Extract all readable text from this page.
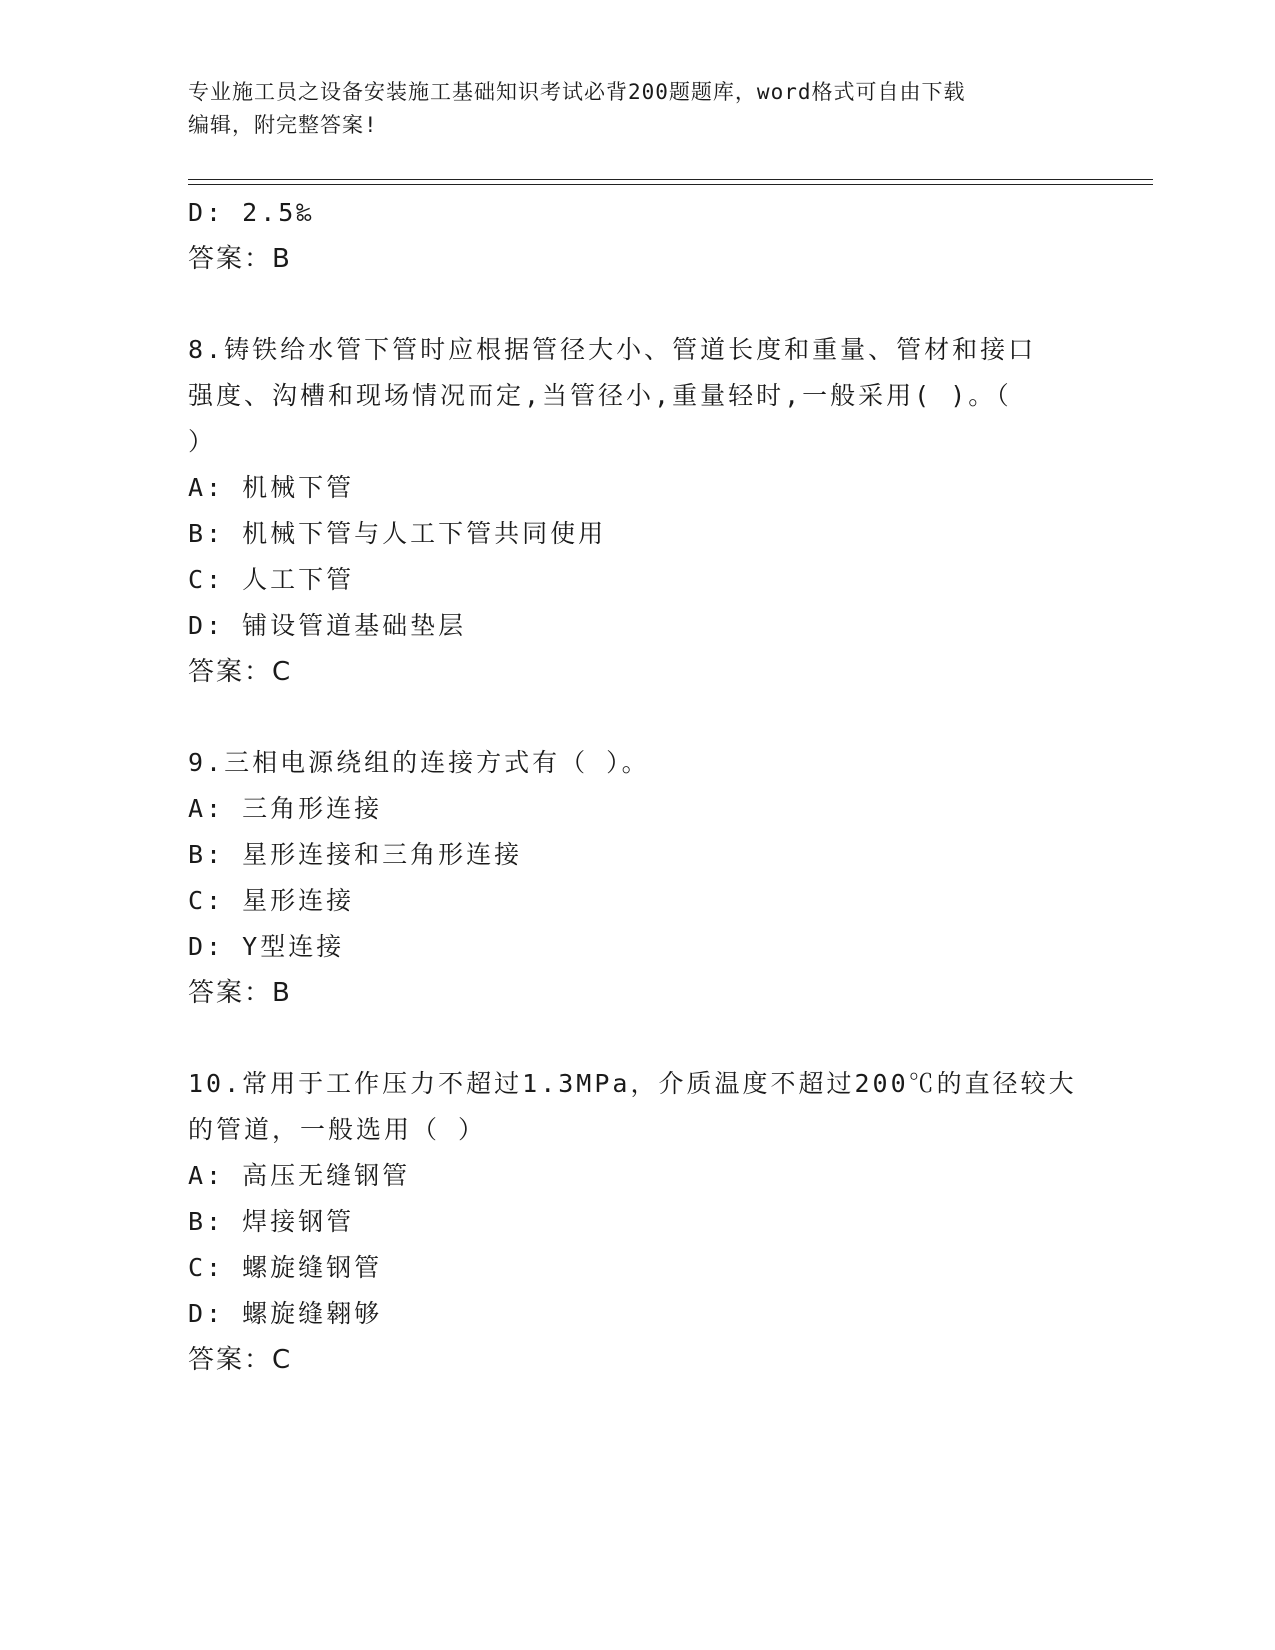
专业施工员之设备安装施工基础知识考试必背200题题库，word格式可自由下载
编辑，附完整答案!
D: 2.5‰
答案：B
8.铸铁给水管下管时应根据管径大小、管道长度和重量、管材和接口
强度、沟槽和现场情况而定,当管径小,重量轻时,一般采用( )。（
）
A: 机械下管
B: 机械下管与人工下管共同使用
C: 人工下管
D: 铺设管道基础垫层
答案：C
9.三相电源绕组的连接方式有（ ）。
A: 三角形连接
B: 星形连接和三角形连接
C: 星形连接
D: Y型连接
答案：B
10.常用于工作压力不超过1.3MPa，介质温度不超过200℃的直径较大
的管道，一般选用（ ）
A: 高压无缝钢管
B: 焊接钢管
C: 螺旋缝钢管
D: 螺旋缝翱够
答案：C
